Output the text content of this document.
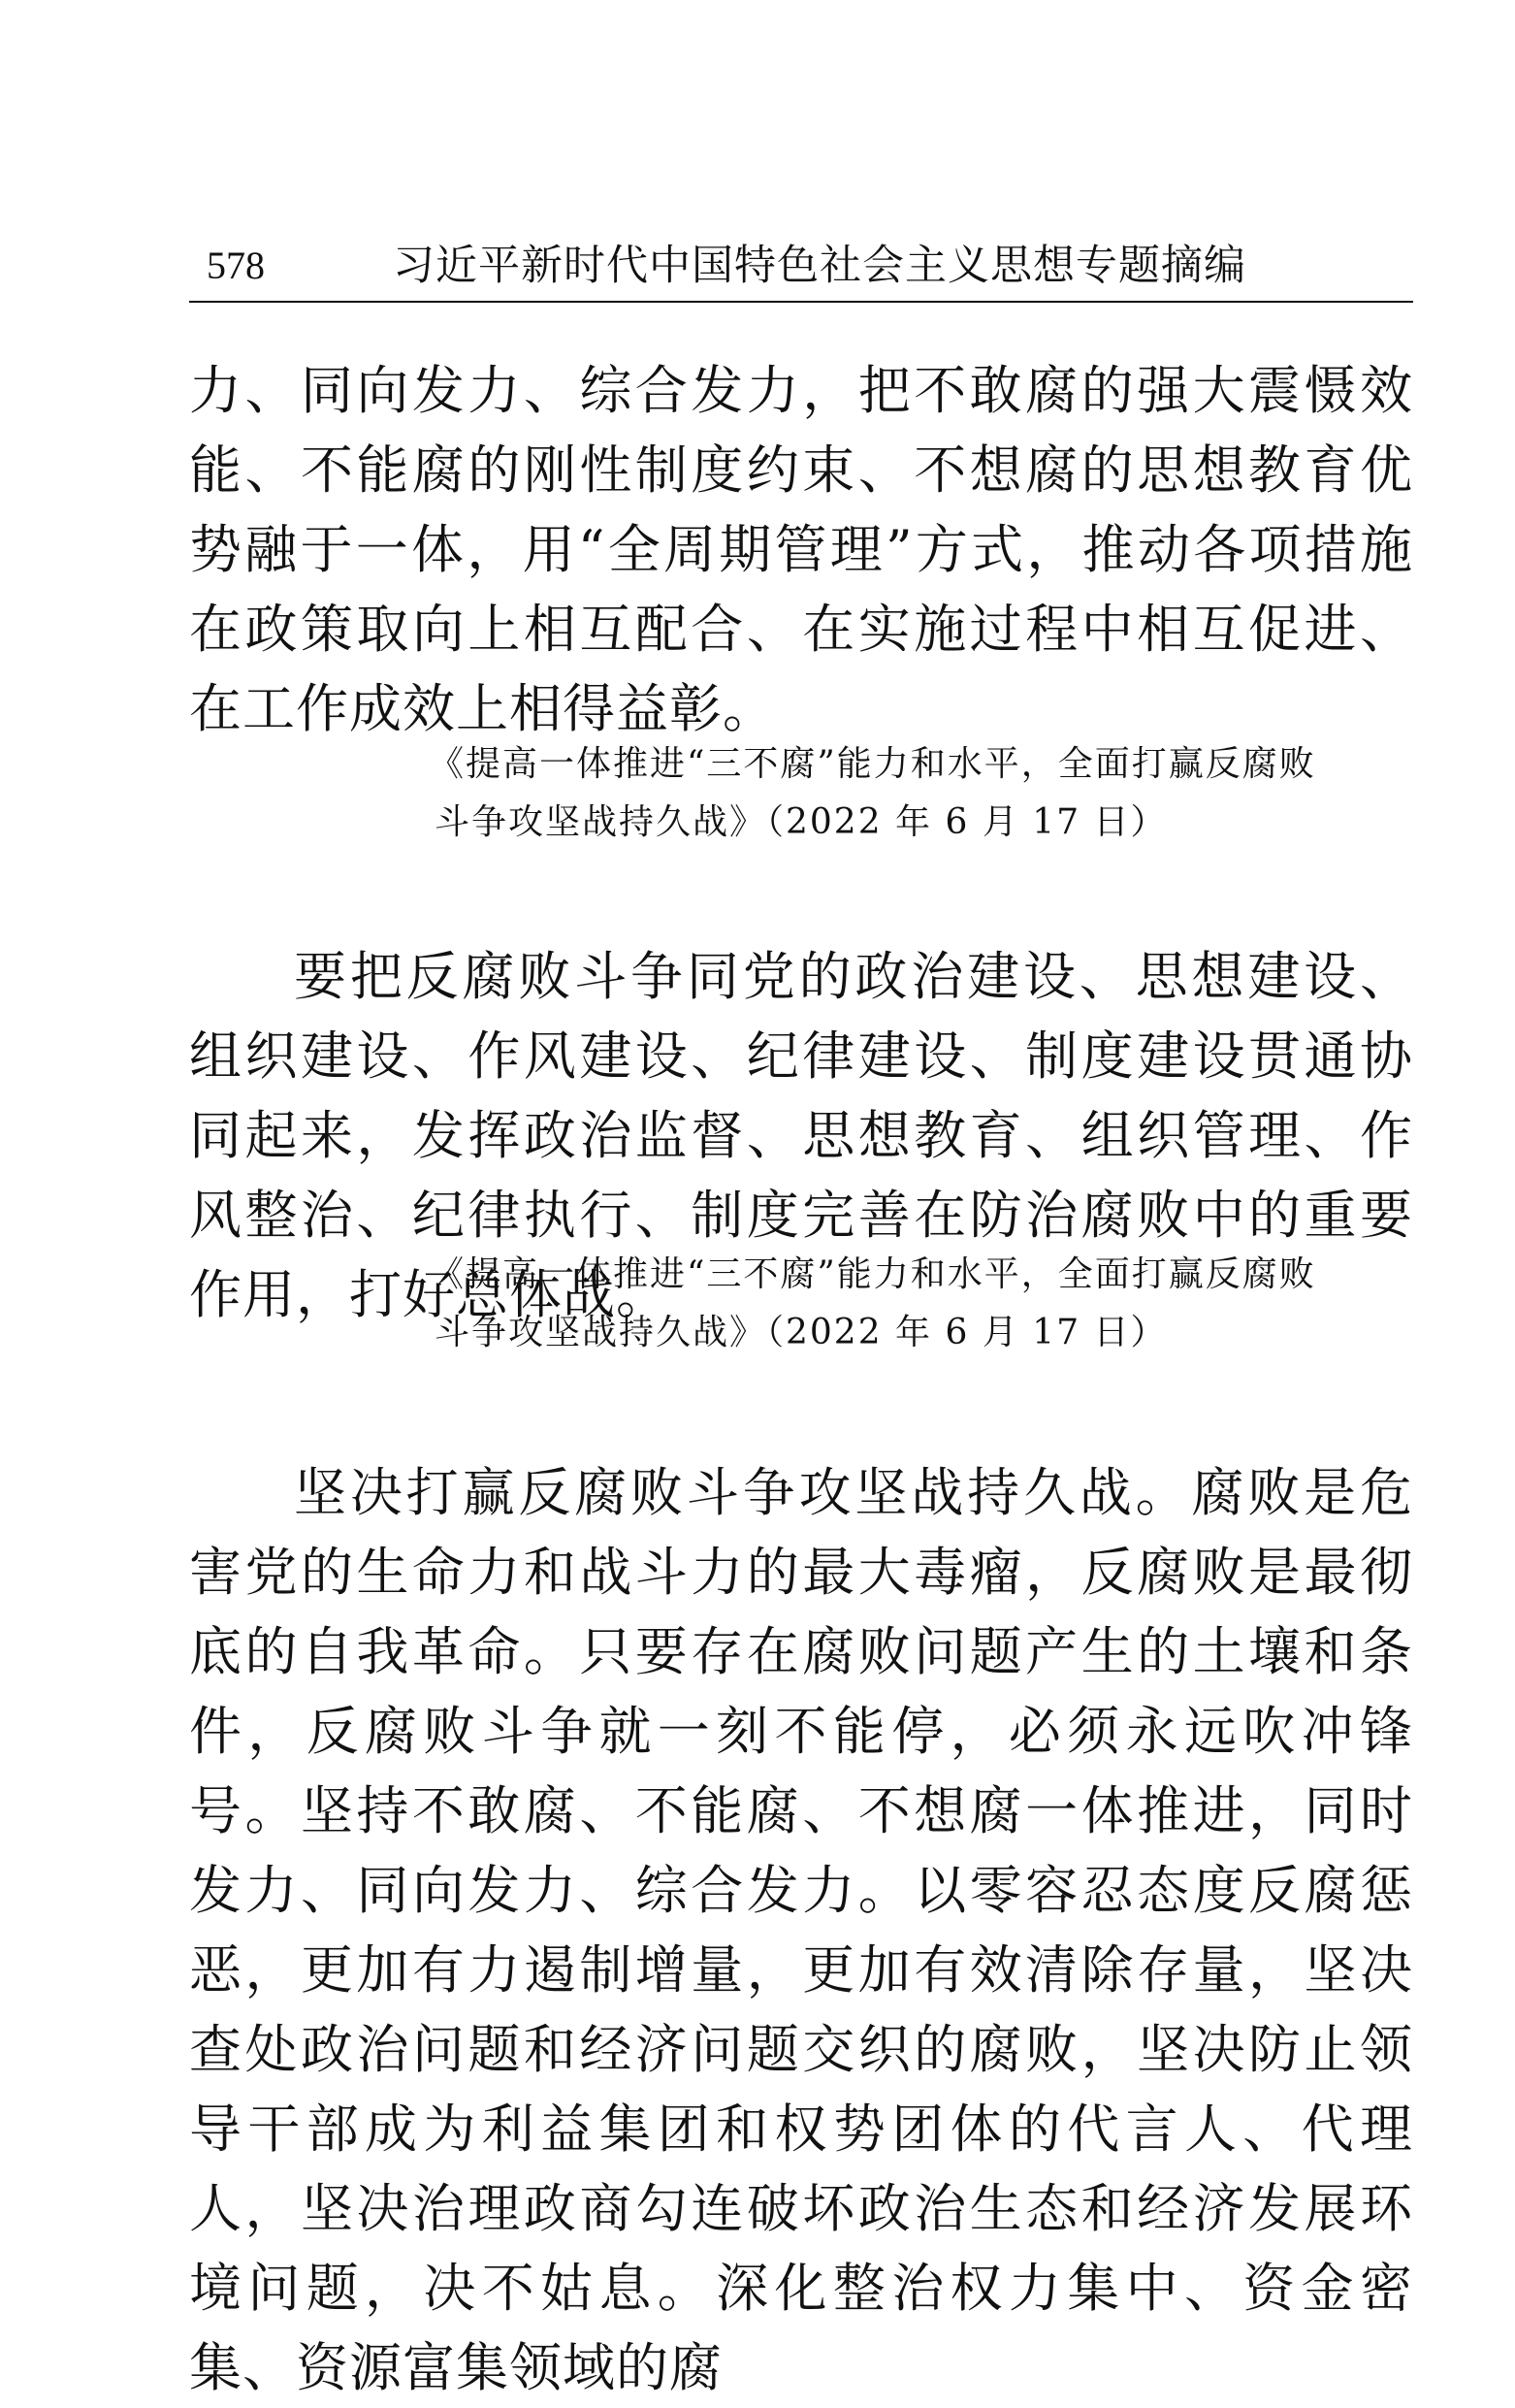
578	习近平新时代中国特色社会主义思想专题摘编

力、同向发力、综合发力，把不敢腐的强大震慑效能、不能腐的刚性制度约束、不想腐的思想教育优势融于一体，用“全周期管理”方式，推动各项措施在政策取向上相互配合、在实施过程中相互促进、在工作成效上相得益彰。

《提高一体推进“三不腐”能力和水平，全面打赢反腐败
斗争攻坚战持久战》（2022 年 6 月 17 日）

要把反腐败斗争同党的政治建设、思想建设、组织建设、作风建设、纪律建设、制度建设贯通协同起来，发挥政治监督、思想教育、组织管理、作风整治、纪律执行、制度完善在防治腐败中的重要作用，打好总体战。

《提高一体推进“三不腐”能力和水平，全面打赢反腐败
斗争攻坚战持久战》（2022 年 6 月 17 日）

坚决打赢反腐败斗争攻坚战持久战。腐败是危害党的生命力和战斗力的最大毒瘤，反腐败是最彻底的自我革命。只要存在腐败问题产生的土壤和条件，反腐败斗争就一刻不能停，必须永远吹冲锋号。坚持不敢腐、不能腐、不想腐一体推进，同时发力、同向发力、综合发力。以零容忍态度反腐惩恶，更加有力遏制增量，更加有效清除存量，坚决查处政治问题和经济问题交织的腐败，坚决防止领导干部成为利益集团和权势团体的代言人、代理人，坚决治理政商勾连破坏政治生态和经济发展环境问题，决不姑息。深化整治权力集中、资金密集、资源富集领域的腐
